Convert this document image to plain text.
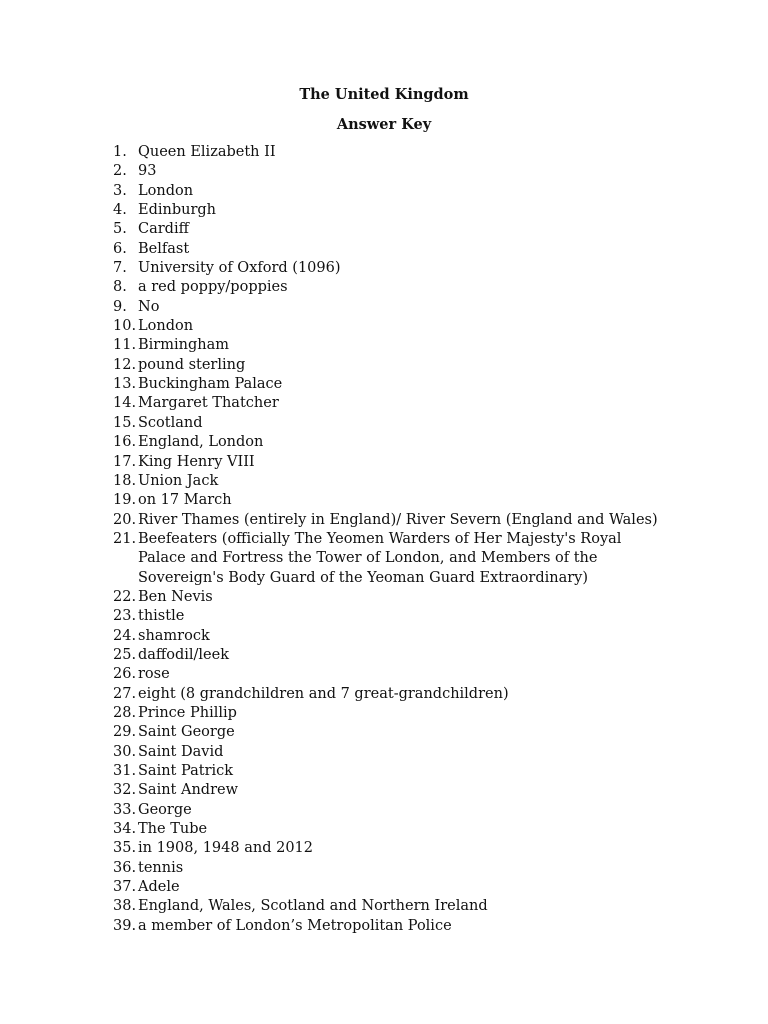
The United Kingdom
Answer Key
1. Queen Elizabeth II
2. 93
3. London
4. Edinburgh
5. Cardiff
6. Belfast
7. University of Oxford (1096)
8. a red poppy/poppies
9. No
10. London
11. Birmingham
12. pound sterling
13. Buckingham Palace
14. Margaret Thatcher
15. Scotland
16. England, London
17. King Henry VIII
18. Union Jack
19. on 17 March
20. River Thames (entirely in England)/ River Severn (England and Wales)
21. Beefeaters (officially The Yeomen Warders of Her Majesty's Royal
Palace and Fortress the Tower of London, and Members of the
Sovereign's Body Guard of the Yeoman Guard Extraordinary)
22. Ben Nevis
23. thistle
24. shamrock
25. daffodil/leek
26. rose
27. eight (8 grandchildren and 7 great-grandchildren)
28. Prince Phillip
29. Saint George
30. Saint David
31. Saint Patrick
32. Saint Andrew
33. George
34. The Tube
35. in 1908, 1948 and 2012
36. tennis
37. Adele
38. England, Wales, Scotland and Northern Ireland
39. a member of London’s Metropolitan Police
